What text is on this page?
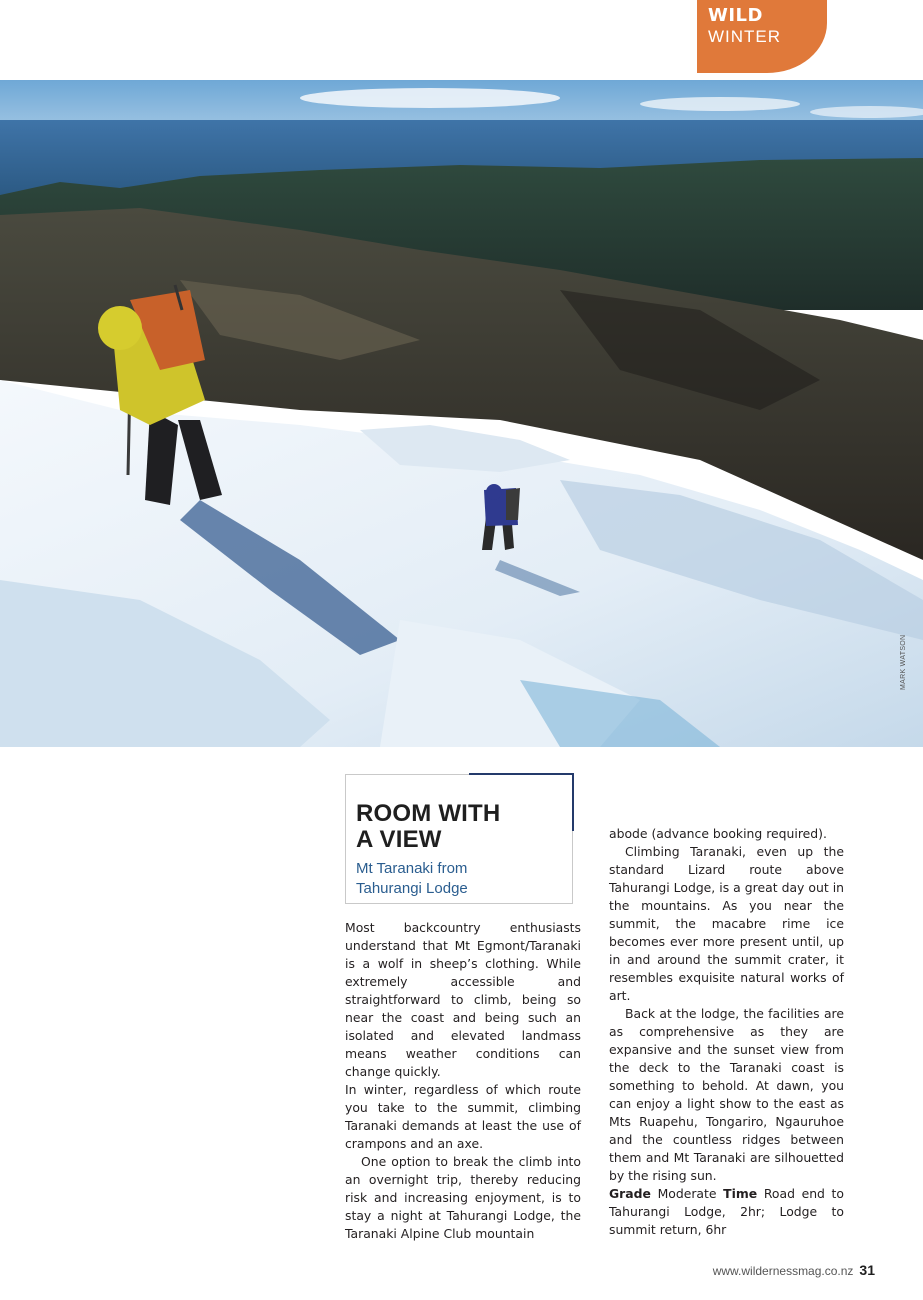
WILD
WINTER
MARK WATSON
ROOM WITH
A VIEW
Mt Taranaki from
Tahurangi Lodge

Most backcountry enthusiasts understand that Mt Egmont/Taranaki is a wolf in sheep’s clothing. While extremely accessible and straightforward to climb, being so near the coast and being such an isolated and elevated landmass means weather conditions can change quickly.

In winter, regardless of which route you take to the summit, climbing Taranaki demands at least the use of crampons and an axe.

One option to break the climb into an overnight trip, thereby reducing risk and increasing enjoyment, is to stay a night at Tahurangi Lodge, the Taranaki Alpine Club mountain

abode (advance booking required).

Climbing Taranaki, even up the standard Lizard route above Tahurangi Lodge, is a great day out in the mountains. As you near the summit, the macabre rime ice becomes ever more present until, up in and around the summit crater, it resembles exquisite natural works of art.

Back at the lodge, the facilities are as comprehensive as they are expansive and the sunset view from the deck to the Taranaki coast is something to behold. At dawn, you can enjoy a light show to the east as Mts Ruapehu, Tongariro, Ngauruhoe and the countless ridges between them and Mt Taranaki are silhouetted by the rising sun.

Grade Moderate Time Road end to Tahurangi Lodge, 2hr; Lodge to summit return, 6hr

www.wildernessmag.co.nz 31
